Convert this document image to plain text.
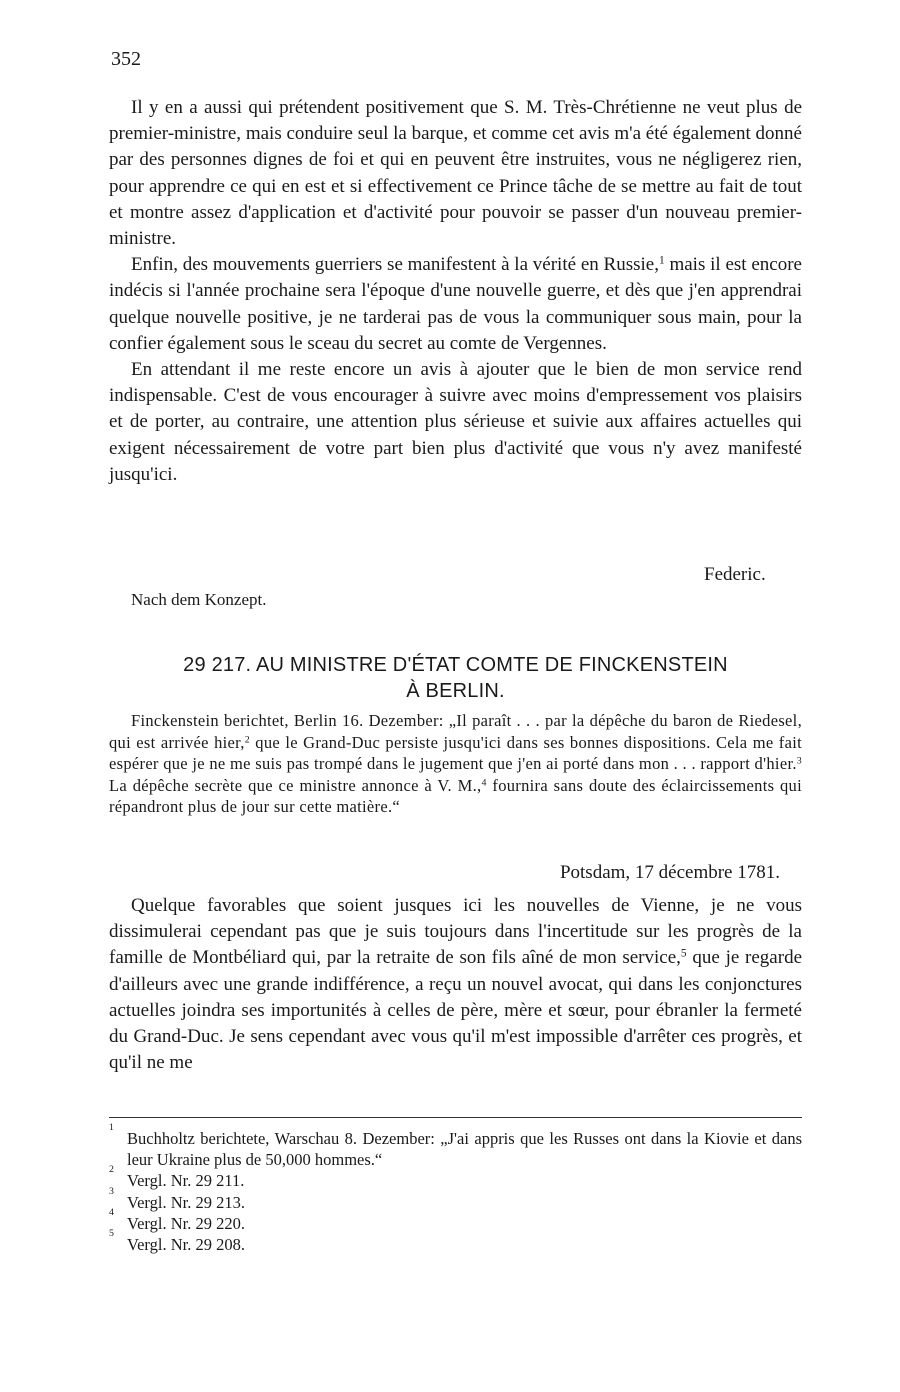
352

Il y en a aussi qui prétendent positivement que S. M. Très-Chrétienne ne veut plus de premier-ministre, mais conduire seul la barque, et comme cet avis m'a été également donné par des personnes dignes de foi et qui en peuvent être instruites, vous ne négligerez rien, pour apprendre ce qui en est et si effectivement ce Prince tâche de se mettre au fait de tout et montre assez d'application et d'activité pour pouvoir se passer d'un nouveau premier-ministre.

Enfin, des mouvements guerriers se manifestent à la vérité en Russie,$^1$ mais il est encore indécis si l'année prochaine sera l'époque d'une nouvelle guerre, et dès que j'en apprendrai quelque nouvelle positive, je ne tarderai pas de vous la communiquer sous main, pour la confier également sous le sceau du secret au comte de Vergennes.

En attendant il me reste encore un avis à ajouter que le bien de mon service rend indispensable. C'est de vous encourager à suivre avec moins d'empressement vos plaisirs et de porter, au contraire, une attention plus sérieuse et suivie aux affaires actuelles qui exigent nécessairement de votre part bien plus d'activité que vous n'y avez manifesté jusqu'ici.

Federic.
Nach dem Konzept.
29 217. AU MINISTRE D'ÉTAT COMTE DE FINCKENSTEIN
À BERLIN.
Finckenstein berichtet, Berlin 16. Dezember: „Il paraît . . . par la dépêche du baron de Riedesel, qui est arrivée hier,$^2$ que le Grand-Duc persiste jusqu'ici dans ses bonnes dispositions. Cela me fait espérer que je ne me suis pas trompé dans le jugement que j'en ai porté dans mon . . . rapport d'hier.$^3$ La dépêche secrète que ce ministre annonce à V. M.,$^4$ fournira sans doute des éclaircissements qui répandront plus de jour sur cette matière.“
Potsdam, 17 décembre 1781.

Quelque favorables que soient jusques ici les nouvelles de Vienne, je ne vous dissimulerai cependant pas que je suis toujours dans l'incertitude sur les progrès de la famille de Montbéliard qui, par la retraite de son fils aîné de mon service,$^5$ que je regarde d'ailleurs avec une grande indifférence, a reçu un nouvel avocat, qui dans les conjonctures actuelles joindra ses importunités à celles de père, mère et sœur, pour ébranler la fermeté du Grand-Duc. Je sens cependant avec vous qu'il m'est impossible d'arrêter ces progrès, et qu'il ne me

1
Buchholtz berichtete, Warschau 8. Dezember: „J'ai appris que les Russes ont dans la Kiovie et dans leur Ukraine plus de 50,000 hommes.“
2
Vergl. Nr. 29 211.
3
Vergl. Nr. 29 213.
4
Vergl. Nr. 29 220.
5
Vergl. Nr. 29 208.
